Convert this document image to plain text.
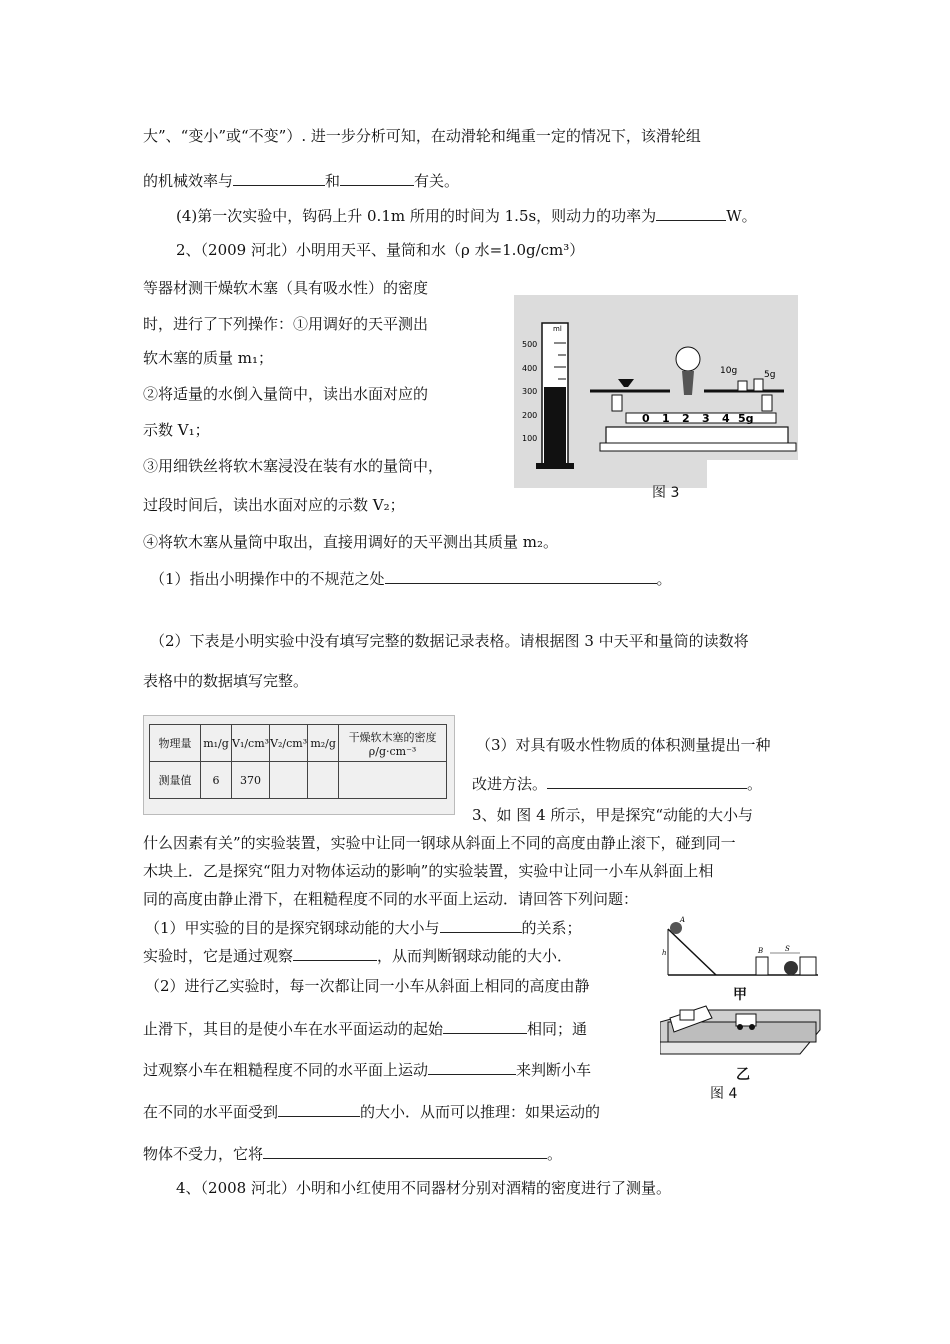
大”、“变小”或“不变”）. 进一步分析可知，在动滑轮和绳重一定的情况下，该滑轮组
的机械效率与	和	有关。
(4)第一次实验中，钩码上升 0.1m 所用的时间为 1.5s，则动力的功率为	W。
2、（2009 河北）小明用天平、量筒和水（ρ 水=1.0g/cm³）
等器材测干燥软木塞（具有吸水性）的密度
时，进行了下列操作：①用调好的天平测出
软木塞的质量 m₁；
②将适量的水倒入量筒中，读出水面对应的
示数 V₁；
③用细铁丝将软木塞浸没在装有水的量筒中，
过段时间后，读出水面对应的示数 V₂；
④将软木塞从量筒中取出，直接用调好的天平测出其质量 m₂。
（1）指出小明操作中的不规范之处	。
（2）下表是小明实验中没有填写完整的数据记录表格。请根据图 3 中天平和量筒的读数将
表格中的数据填写完整。
ml
500
400
300
200
100
0 1 2 3 4 5g
10g	5g
图 3
物理量	m₁/g	V₁/cm³	V₂/cm³	m₂/g	干燥软木塞的密度ρ/g·cm⁻³
测量值	6	370			
（3）对具有吸水性物质的体积测量提出一种
改进方法。	。
3、如 图 4 所示，甲是探究“动能的大小与
什么因素有关”的实验装置，实验中让同一钢球从斜面上不同的高度由静止滚下，碰到同一
木块上．乙是探究“阻力对物体运动的影响”的实验装置，实验中让同一小车从斜面上相
同的高度由静止滑下，在粗糙程度不同的水平面上运动．请回答下列问题：
（1）甲实验的目的是探究钢球动能的大小与	的关系；
实验时，它是通过观察	，从而判断钢球动能的大小．
（2）进行乙实验时，每一次都让同一小车从斜面上相同的高度由静
止滑下，其目的是使小车在水平面运动的起始	相同；通
过观察小车在粗糙程度不同的水平面上运动	来判断小车
在不同的水平面受到	的大小．从而可以推理：如果运动的
物体不受力，它将	。
A
h	B	S
甲
乙
图 4
4、（2008 河北）小明和小红使用不同器材分别对酒精的密度进行了测量。
